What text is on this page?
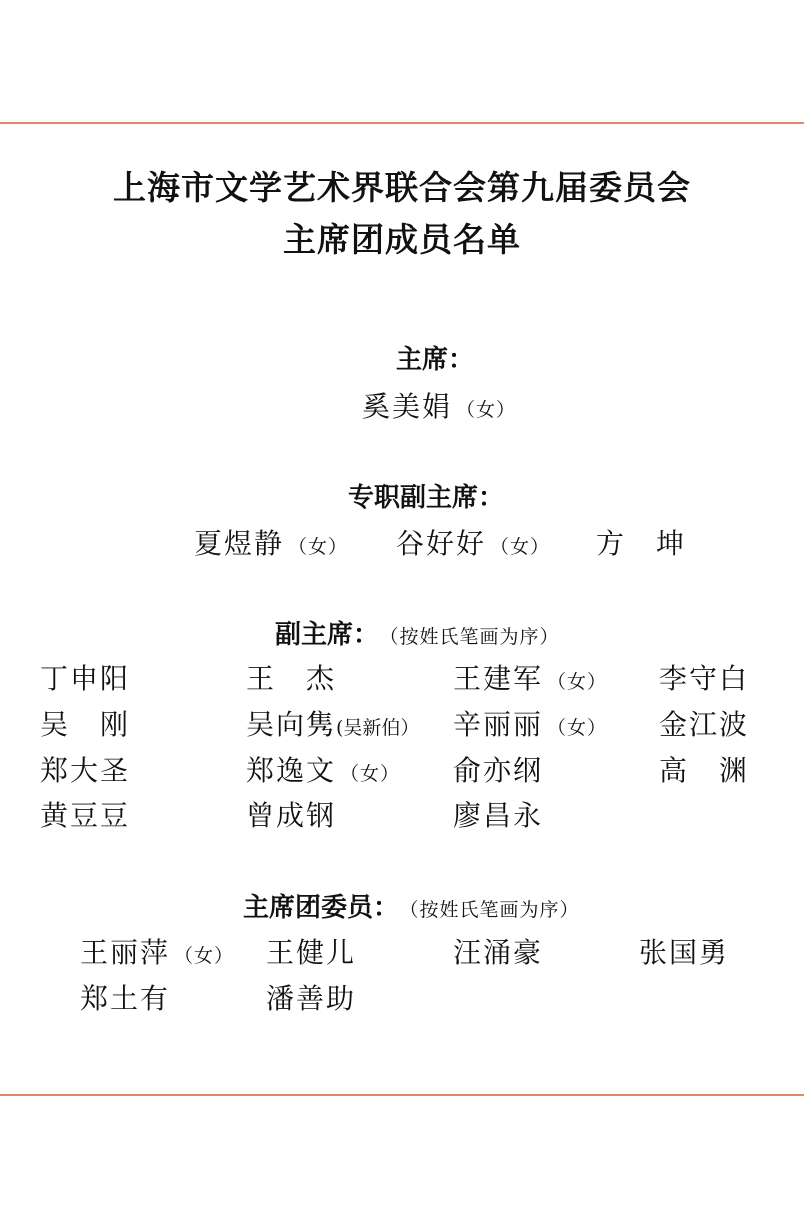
上海市文学艺术界联合会第九届委员会
主席团成员名单
主席：
奚美娟 （女）
专职副主席：
夏煜静 （女） 谷好好 （女） 方　坤
副主席： （按姓氏笔画为序）
丁申阳	王　杰	王建军 （女） 李守白
吴　刚	吴向隽(吴新伯） 辛丽丽 （女） 金江波
郑大圣	郑逸文 （女） 俞亦纲	高　渊
黄豆豆	曾成钢	廖昌永
主席团委员： （按姓氏笔画为序）
王丽萍 （女） 王健儿	汪涌豪	张国勇
郑土有	潘善助
